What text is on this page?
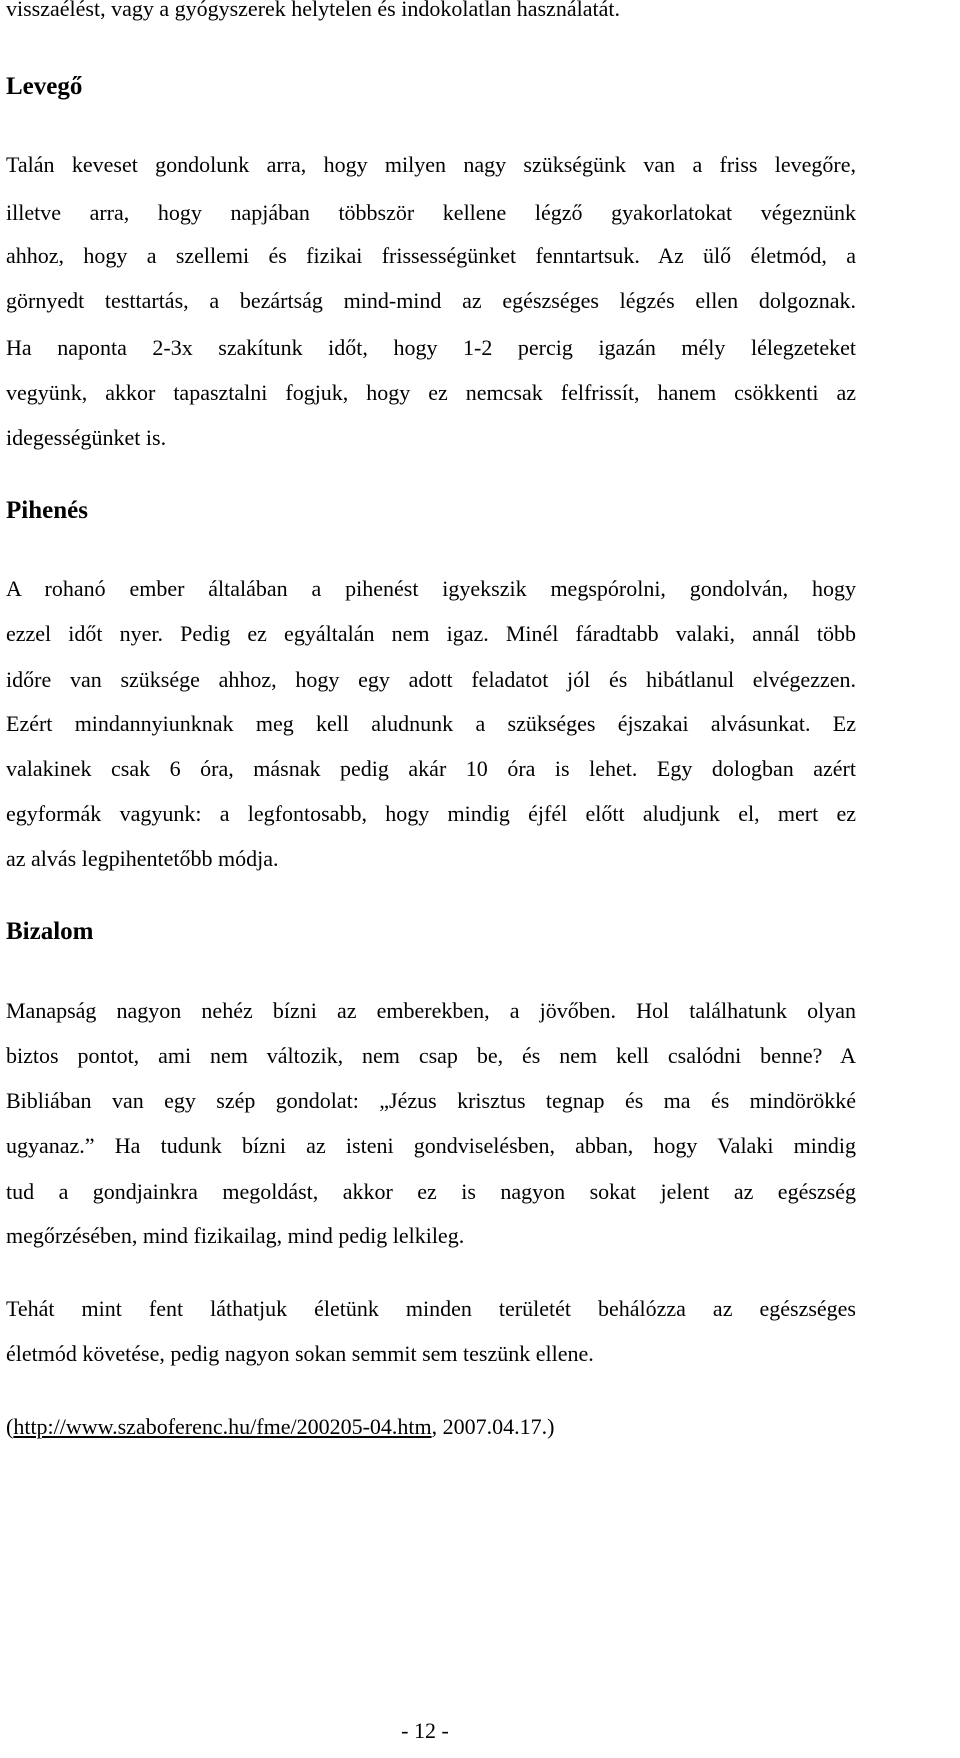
visszaélést, vagy a gyógyszerek helytelen és indokolatlan használatát.
Levegő
Talán keveset gondolunk arra, hogy milyen nagy szükségünk van a friss levegőre,
illetve arra, hogy napjában többször kellene légző gyakorlatokat végeznünk
ahhoz, hogy a szellemi és fizikai frissességünket fenntartsuk. Az ülő életmód, a
görnyedt testtartás, a bezártság mind-mind az egészséges légzés ellen dolgoznak.
Ha naponta 2-3x szakítunk időt, hogy 1-2 percig igazán mély lélegzeteket
vegyünk, akkor tapasztalni fogjuk, hogy ez nemcsak felfrissít, hanem csökkenti az
idegességünket is.
Pihenés
A rohanó ember általában a pihenést igyekszik megspórolni, gondolván, hogy
ezzel időt nyer. Pedig ez egyáltalán nem igaz. Minél fáradtabb valaki, annál több
időre van szüksége ahhoz, hogy egy adott feladatot jól és hibátlanul elvégezzen.
Ezért mindannyiunknak meg kell aludnunk a szükséges éjszakai alvásunkat. Ez
valakinek csak 6 óra, másnak pedig akár 10 óra is lehet. Egy dologban azért
egyformák vagyunk: a legfontosabb, hogy mindig éjfél előtt aludjunk el, mert ez
az alvás legpihentetőbb módja.
Bizalom
Manapság nagyon nehéz bízni az emberekben, a jövőben. Hol találhatunk olyan
biztos pontot, ami nem változik, nem csap be, és nem kell csalódni benne? A
Bibliában van egy szép gondolat: „Jézus krisztus tegnap és ma és mindörökké
ugyanaz.” Ha tudunk bízni az isteni gondviselésben, abban, hogy Valaki mindig
tud a gondjainkra megoldást, akkor ez is nagyon sokat jelent az egészség
megőrzésében, mind fizikailag, mind pedig lelkileg.
Tehát mint fent láthatjuk életünk minden területét behálózza az egészséges
életmód követése, pedig nagyon sokan semmit sem teszünk ellene.
(http://www.szaboferenc.hu/fme/200205-04.htm, 2007.04.17.)
- 12 -
